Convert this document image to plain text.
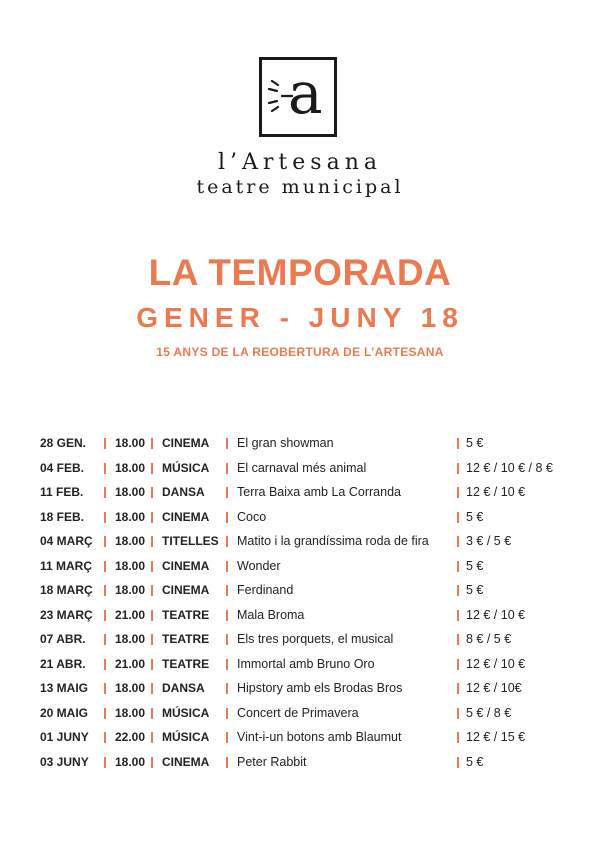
a
l’Artesana
teatre municipal
LA TEMPORADA
GENER - JUNY 18
15 ANYS DE LA REOBERTURA DE L’ARTESANA
28 GEN. 18.00 CINEMA El gran showman	5 €
04 FEB.	18.00 MÚSICA El carnaval més animal	12 € / 10 € / 8 €
11 FEB.	18.00 DANSA	Terra Baixa amb La Corranda	12 € / 10 €
18 FEB.	18.00 CINEMA Coco	5 €
04 MARÇ 18.00 TITELLES Matito i la grandíssima roda de fira	3 € / 5 €
11 MARÇ 18.00 CINEMA Wonder	5 €
18 MARÇ 18.00 CINEMA Ferdinand	5 €
23 MARÇ 21.00 TEATRE Mala Broma	12 € / 10 €
07 ABR. 18.00 TEATRE Els tres porquets, el musical	8 € / 5 €
21 ABR. 21.00 TEATRE Immortal amb Bruno Oro	12 € / 10 €
13 MAIG 18.00 DANSA	Hipstory amb els Brodas Bros	12 € / 10€
20 MAIG 18.00 MÚSICA Concert de Primavera	5 € / 8 €
01 JUNY 22.00 MÚSICA Vint-i-un botons amb Blaumut	12 € / 15 €
03 JUNY 18.00 CINEMA Peter Rabbit	5 €
